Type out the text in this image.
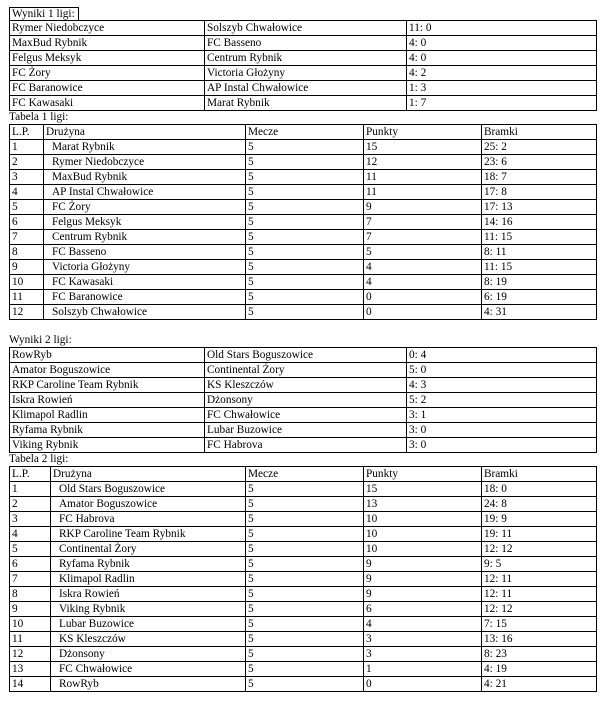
Wyniki 1 ligi:
Rymer Niedobczyce	Solszyb Chwałowice	11: 0
MaxBud Rybnik	FC Basseno	4: 0
Felgus Meksyk	Centrum Rybnik	4: 0
FC Żory	Victoria Głożyny	4: 2
FC Baranowice	AP Instal Chwałowice	1: 3
FC Kawasaki	Marat Rybnik	1: 7
Tabela 1 ligi:
L.P.	Drużyna	Mecze	Punkty	Bramki
1	Marat Rybnik	5	15	25: 2
2	Rymer Niedobczyce	5	12	23: 6
3	MaxBud Rybnik	5	11	18: 7
4	AP Instal Chwałowice	5	11	17: 8
5	FC Żory	5	9	17: 13
6	Felgus Meksyk	5	7	14: 16
7	Centrum Rybnik	5	7	11: 15
8	FC Basseno	5	5	8: 11
9	Victoria Głożyny	5	4	11: 15
10	FC Kawasaki	5	4	8: 19
11	FC Baranowice	5	0	6: 19
12	Solszyb Chwałowice	5	0	4: 31
Wyniki 2 ligi:
RowRyb	Old Stars Boguszowice	0: 4
Amator Boguszowice	Continental Żory	5: 0
RKP Caroline Team Rybnik	KS Kleszczów	4: 3
Iskra Rowień	Dżonsony	5: 2
Klimapol Radlin	FC Chwałowice	3: 1
Ryfama Rybnik	Lubar Buzowice	3: 0
Viking Rybnik	FC Habrova	3: 0
Tabela 2 ligi:
L.P.	Drużyna	Mecze	Punkty	Bramki
1	Old Stars Boguszowice	5	15	18: 0
2	Amator Boguszowice	5	13	24: 8
3	FC Habrova	5	10	19: 9
4	RKP Caroline Team Rybnik	5	10	19: 11
5	Continental Żory	5	10	12: 12
6	Ryfama Rybnik	5	9	9: 5
7	Klimapol Radlin	5	9	12: 11
8	Iskra Rowień	5	9	12: 11
9	Viking Rybnik	5	6	12: 12
10	Lubar Buzowice	5	4	7: 15
11	KS Kleszczów	5	3	13: 16
12	Dżonsony	5	3	8: 23
13	FC Chwałowice	5	1	4: 19
14	RowRyb	5	0	4: 21
